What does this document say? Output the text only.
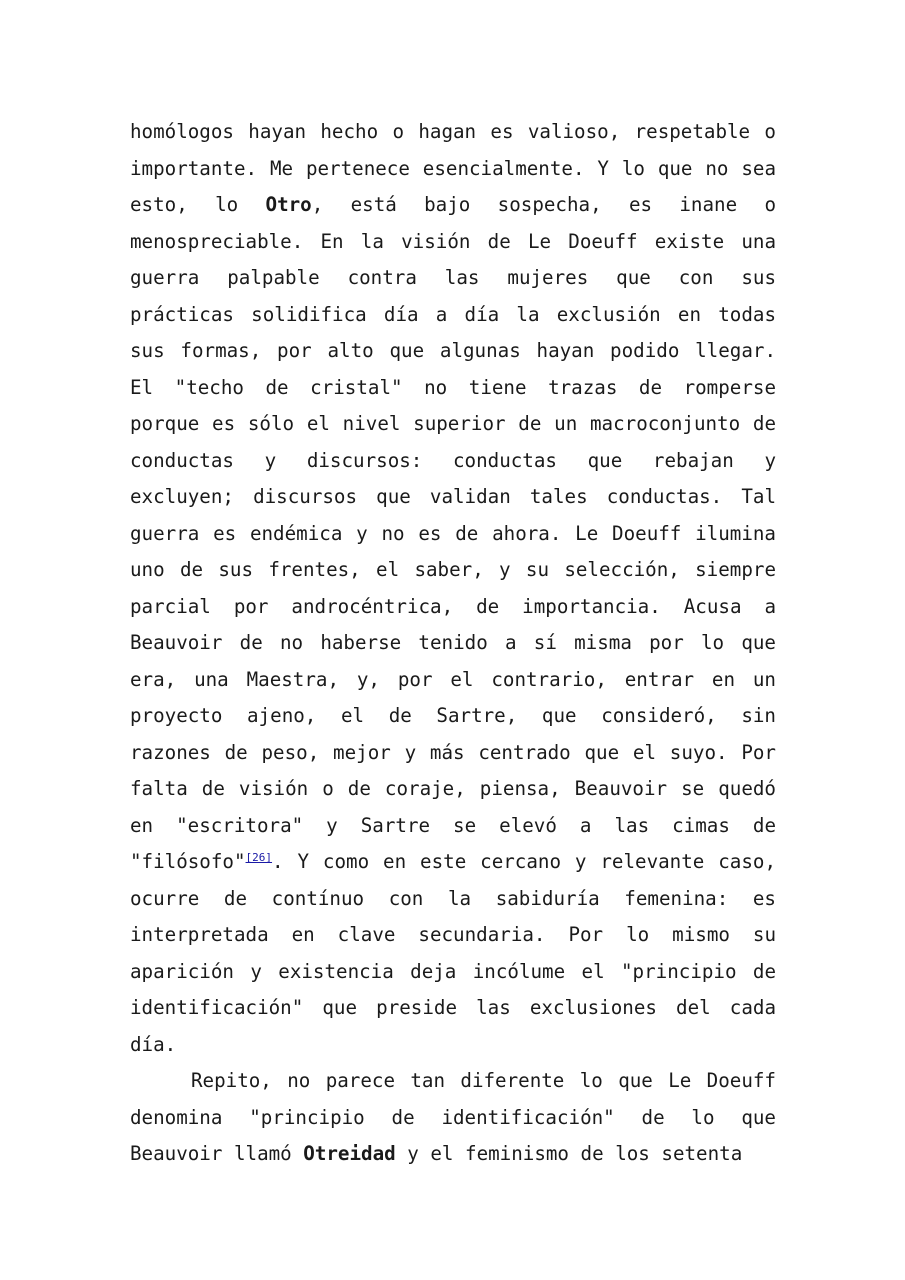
homólogos hayan hecho o hagan es valioso, respetable o importante. Me pertenece esencialmente. Y lo que no sea esto, lo Otro, está bajo sospecha, es inane o menospreciable. En la visión de Le Doeuff existe una guerra palpable contra las mujeres que con sus prácticas solidifica día a día la exclusión en todas sus formas, por alto que algunas hayan podido llegar. El "techo de cristal" no tiene trazas de romperse porque es sólo el nivel superior de un macroconjunto de conductas y discursos: conductas que rebajan y excluyen; discursos que validan tales conductas. Tal guerra es endémica y no es de ahora. Le Doeuff ilumina uno de sus frentes, el saber, y su selección, siempre parcial por androcéntrica, de importancia. Acusa a Beauvoir de no haberse tenido a sí misma por lo que era, una Maestra, y, por el contrario, entrar en un proyecto ajeno, el de Sartre, que consideró, sin razones de peso, mejor y más centrado que el suyo. Por falta de visión o de coraje, piensa, Beauvoir se quedó en "escritora" y Sartre se elevó a las cimas de "filósofo"[26]. Y como en este cercano y relevante caso, ocurre de contínuo con la sabiduría femenina: es interpretada en clave secundaria. Por lo mismo su aparición y existencia deja incólume el "principio de identificación" que preside las exclusiones del cada día.

Repito, no parece tan diferente lo que Le Doeuff denomina "principio de identificación" de lo que Beauvoir llamó Otreidad y el feminismo de los setenta
